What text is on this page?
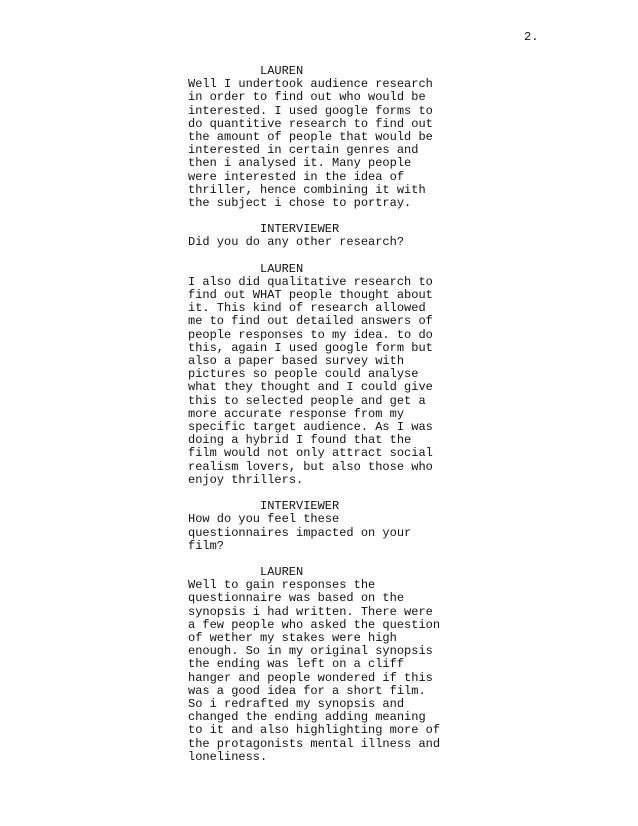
2.
LAUREN
Well I undertook audience research
in order to find out who would be
interested. I used google forms to
do quantitive research to find out
the amount of people that would be
interested in certain genres and
then i analysed it. Many people
were interested in the idea of
thriller, hence combining it with
the subject i chose to portray.
INTERVIEWER
Did you do any other research?
LAUREN
I also did qualitative research to
find out WHAT people thought about
it. This kind of research allowed
me to find out detailed answers of
people responses to my idea. to do
this, again I used google form but
also a paper based survey with
pictures so people could analyse
what they thought and I could give
this to selected people and get a
more accurate response from my
specific target audience. As I was
doing a hybrid I found that the
film would not only attract social
realism lovers, but also those who
enjoy thrillers.
INTERVIEWER
How do you feel these
questionnaires impacted on your
film?
LAUREN
Well to gain responses the
questionnaire was based on the
synopsis i had written. There were
a few people who asked the question
of wether my stakes were high
enough. So in my original synopsis
the ending was left on a cliff
hanger and people wondered if this
was a good idea for a short film.
So i redrafted my synopsis and
changed the ending adding meaning
to it and also highlighting more of
the protagonists mental illness and
loneliness.
